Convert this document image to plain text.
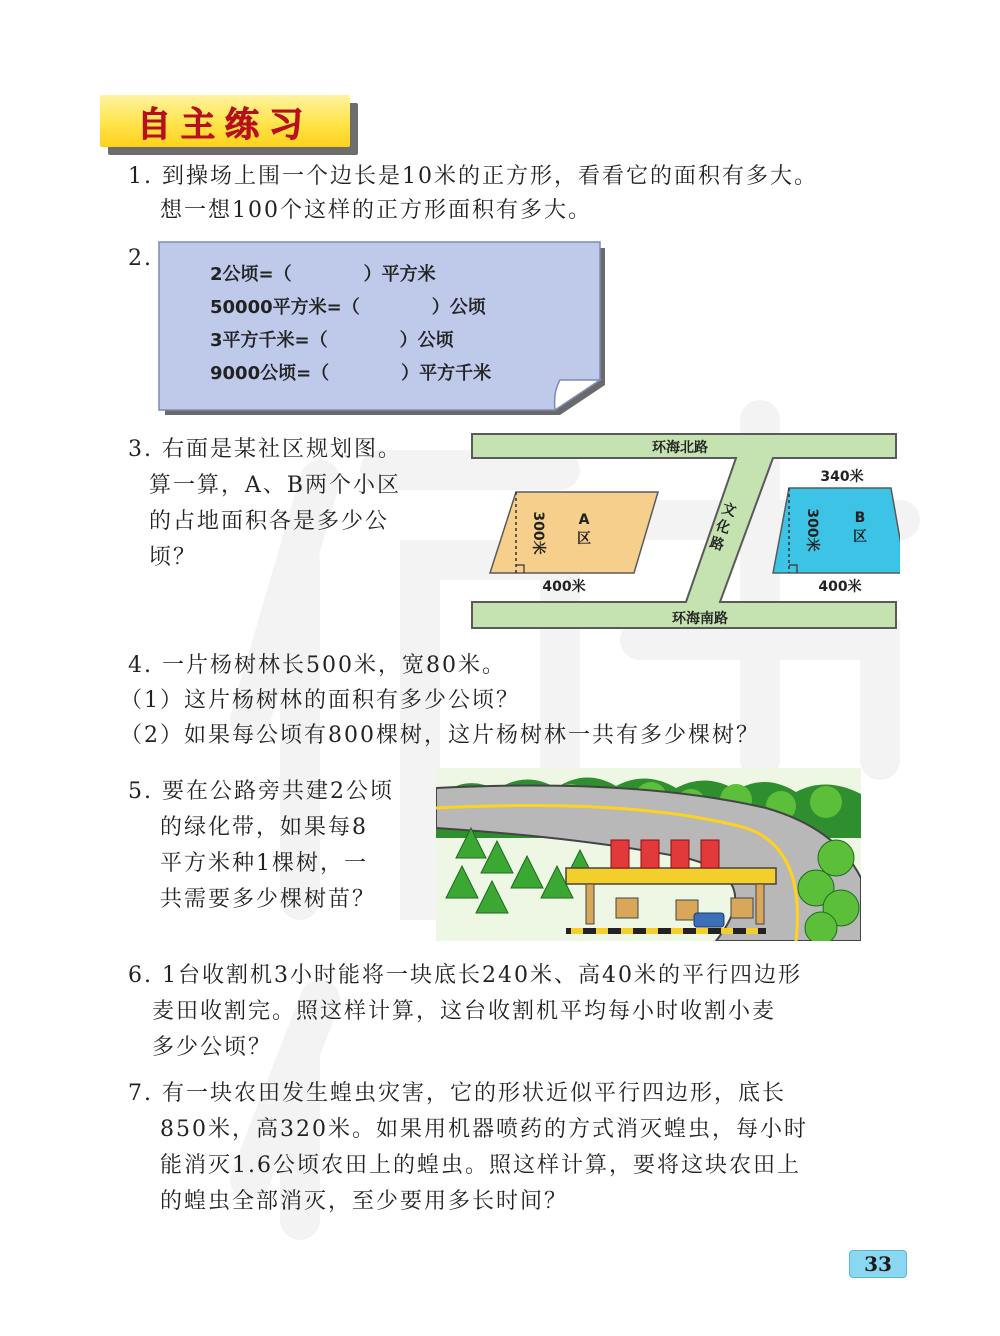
自主练习

1. 到操场上围一个边长是10米的正方形，看看它的面积有多大。

想一想100个这样的正方形面积有多大。

2.
2公顷=（　　　　）平方米
50000平方米=（　　　　）公顷
3平方千米=（　　　　）公顷
9000公顷=（　　　　）平方千米

3. 右面是某社区规划图。

算一算，A、B两个小区

的占地面积各是多少公

顷？

环海北路
环海南路
文
化
路
300米 A
区
400米
340米
300米 B
区
400米

4. 一片杨树林长500米，宽80米。

（1）这片杨树林的面积有多少公顷？

（2）如果每公顷有800棵树，这片杨树林一共有多少棵树？

5. 要在公路旁共建2公顷

的绿化带，如果每8

平方米种1棵树，一

共需要多少棵树苗？

6. 1台收割机3小时能将一块底长240米、高40米的平行四边形

麦田收割完。照这样计算，这台收割机平均每小时收割小麦

多少公顷？

7. 有一块农田发生蝗虫灾害，它的形状近似平行四边形，底长

850米，高320米。如果用机器喷药的方式消灭蝗虫，每小时

能消灭1.6公顷农田上的蝗虫。照这样计算，要将这块农田上

的蝗虫全部消灭，至少要用多长时间？

33
